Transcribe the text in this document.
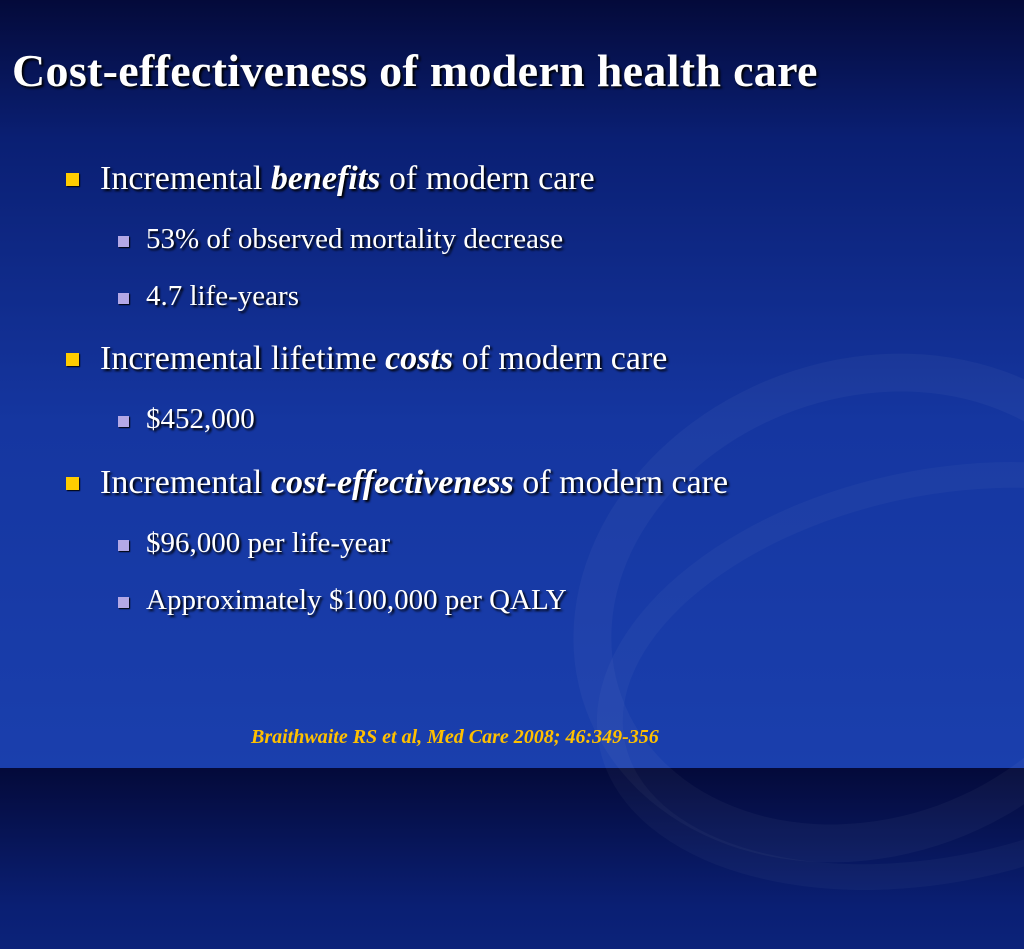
Cost-effectiveness of modern health care
Incremental benefits of modern care
53% of observed mortality decrease
4.7 life-years
Incremental lifetime costs of modern care
$452,000
Incremental cost-effectiveness of modern care
$96,000 per life-year
Approximately $100,000 per QALY
Braithwaite RS et al, Med Care 2008; 46:349-356
